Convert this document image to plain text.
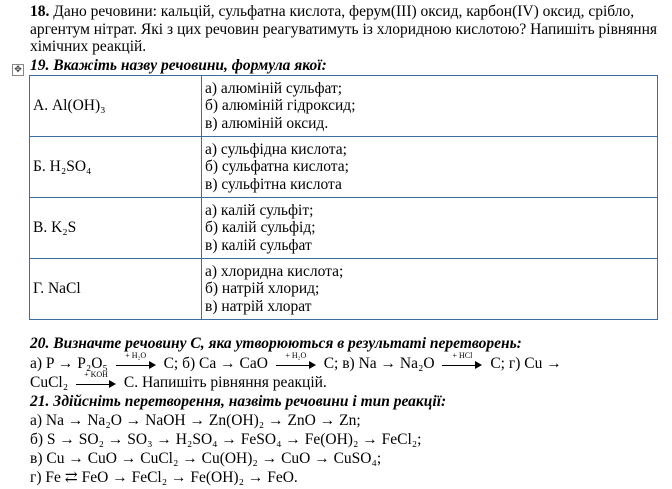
18. Дано речовини: кальцій, сульфатна кислота, ферум(III) оксид, карбон(IV) оксид, срібло, аргентум нітрат. Які з цих речовин реагуватимуть із хлоридною кислотою? Напишіть рівняння хімічних реакцій.
✥ 19. Вкажіть назву речовини, формула якої:
А. Al(OH)₃	а) алюміній сульфат;
б) алюміній гідроксид;
в) алюміній оксид.

Б. H₂SO₄	а) сульфідна кислота;
б) сульфатна кислота;
в) сульфітна кислота

В. K₂S	а) калій сульфіт;
б) калій сульфід;
в) калій сульфат

Г. NaCl	а) хлоридна кислота;
б) натрій хлорид;
в) натрій хлорат
20. Визначте речовину С, яка утворюються в результаті перетворень:
а) P → P₂O₅	+ H₂O	C; б) Ca → CaO	+ H₂O	C; в) Na → Na₂O	+ HCl	C; г) Cu →
CuCl₂	+ KOH	C. Напишіть рівняння реакцій.
21. Здійсніть перетворення, назвіть речовини і тип реакції:
а) Na → Na₂O → NaOH → Zn(OH)₂ → ZnO → Zn;
б) S → SO₂ → SO₃ → H₂SO₄ → FeSO₄ → Fe(OH)₂ → FeCl₂;
в) Cu → CuO → CuCl₂ → Cu(OH)₂ → CuO → CuSO₄;
г) Fe ⇄ FeO → FeCl₂ → Fe(OH)₂ → FeO.
